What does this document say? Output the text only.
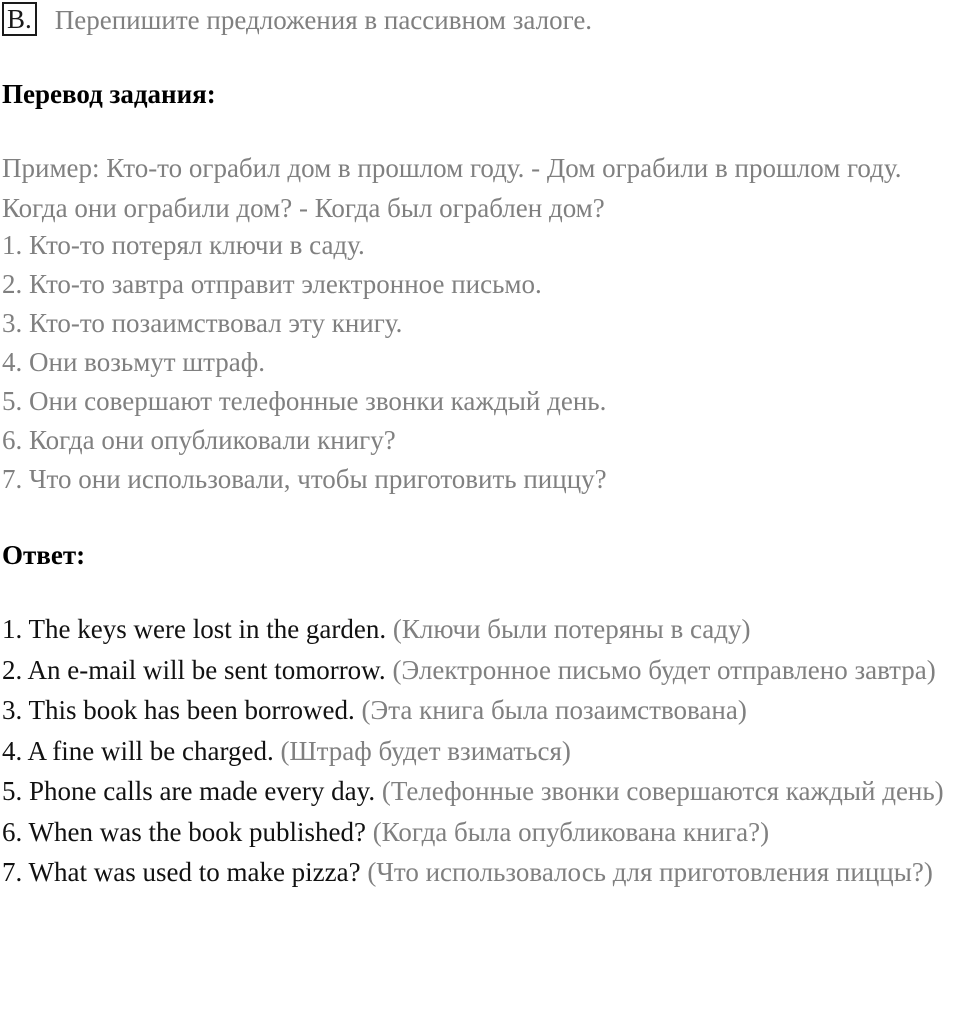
B. Перепишите предложения в пассивном залоге.
Перевод задания:
Пример: Кто-то ограбил дом в прошлом году. - Дом ограбили в прошлом году. Когда они ограбили дом? - Когда был ограблен дом?
1. Кто-то потерял ключи в саду.
2. Кто-то завтра отправит электронное письмо.
3. Кто-то позаимствовал эту книгу.
4. Они возьмут штраф.
5. Они совершают телефонные звонки каждый день.
6. Когда они опубликовали книгу?
7. Что они использовали, чтобы приготовить пиццу?
Ответ:
1. The keys were lost in the garden. (Ключи были потеряны в саду)
2. An e-mail will be sent tomorrow. (Электронное письмо будет отправлено завтра)
3. This book has been borrowed. (Эта книга была позаимствована)
4. A fine will be charged. (Штраф будет взиматься)
5. Phone calls are made every day. (Телефонные звонки совершаются каждый день)
6. When was the book published? (Когда была опубликована книга?)
7. What was used to make pizza? (Что использовалось для приготовления пиццы?)
